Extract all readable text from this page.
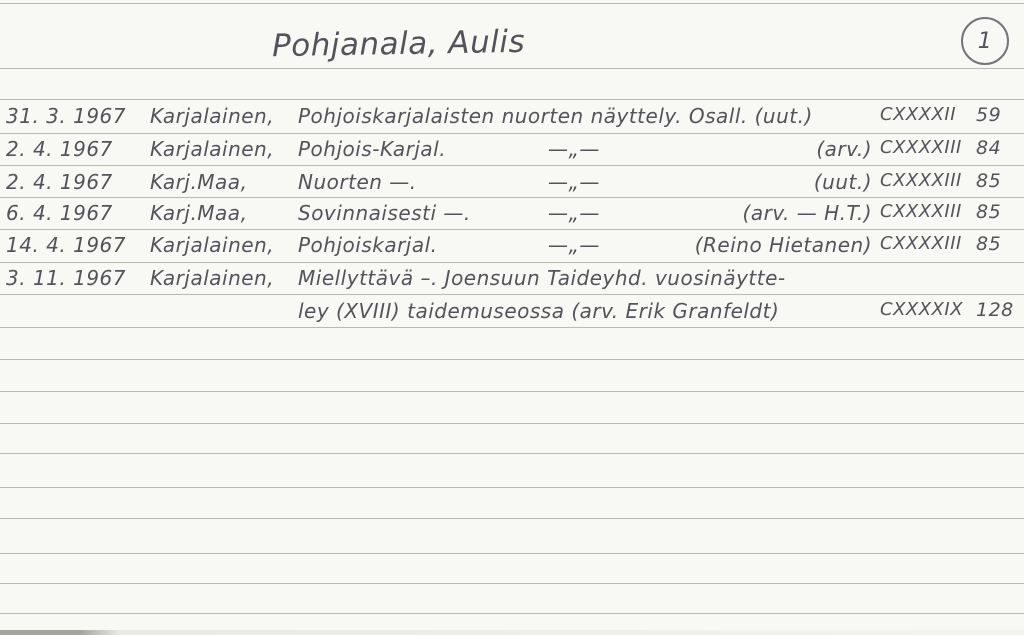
Pohjanala, Aulis	1
31. 3. 1967	Karjalainen,	Pohjoiskarjalaisten nuorten näyttely. Osall. (uut.)	CXXXXII	59
2. 4. 1967	Karjalainen,	Pohjois-Karjal.	—„—	(arv.) CXXXXIII 84
2. 4. 1967	Karj.Maa,	Nuorten —.	—„—	(uut.) CXXXXIII 85
6. 4. 1967	Karj.Maa,	Sovinnaisesti —.	—„—	(arv. — H.T.) CXXXXIII 85
14. 4. 1967	Karjalainen,	Pohjoiskarjal.	—„—	(Reino Hietanen) CXXXXIII 85
3. 11. 1967	Karjalainen,	Miellyttävä –. Joensuun Taideyhd. vuosinäytte-
ley (XVIII) taidemuseossa (arv. Erik Granfeldt)	CXXXXIX 128
